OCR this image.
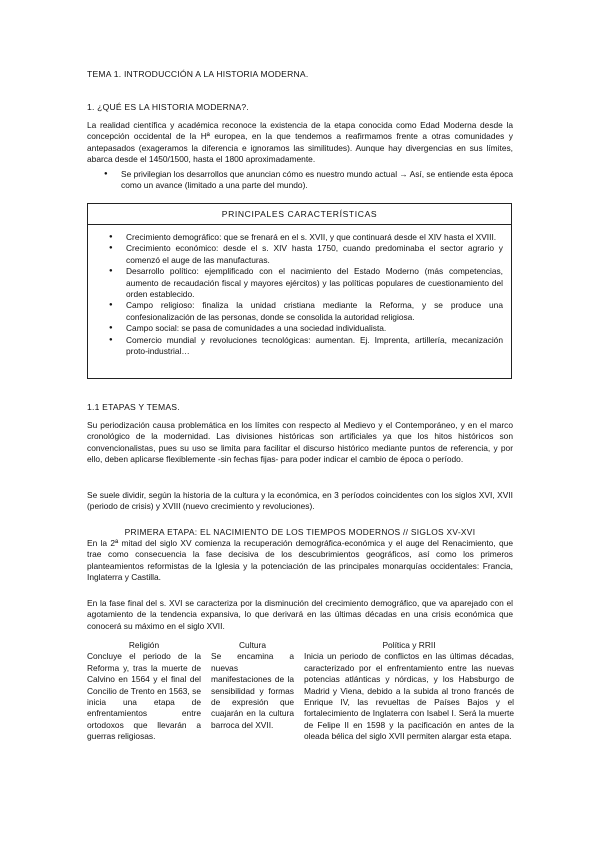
TEMA 1. INTRODUCCIÓN A LA HISTORIA MODERNA.
1. ¿QUÉ ES LA HISTORIA MODERNA?.

La realidad científica y académica reconoce la existencia de la etapa conocida como Edad Moderna desde la concepción occidental de la Hª europea, en la que tendemos a reafirmamos frente a otras comunidades y antepasados (exageramos la diferencia e ignoramos las similitudes). Aunque hay divergencias en sus límites, abarca desde el 1450/1500, hasta el 1800 aproximadamente.

● Se privilegian los desarrollos que anuncian cómo es nuestro mundo actual → Así, se entiende esta época como un avance (limitado a una parte del mundo).
PRINCIPALES CARACTERÍSTICAS
● Crecimiento demográfico: que se frenará en el s. XVII, y que continuará desde el XIV hasta el XVIII.
● Crecimiento económico: desde el s. XIV hasta 1750, cuando predominaba el sector agrario y comenzó el auge de las manufacturas.
● Desarrollo político: ejemplificado con el nacimiento del Estado Moderno (más competencias, aumento de recaudación fiscal y mayores ejércitos) y las políticas populares de cuestionamiento del orden establecido.
● Campo religioso: finaliza la unidad cristiana mediante la Reforma, y se produce una confesionalización de las personas, donde se consolida la autoridad religiosa.
● Campo social: se pasa de comunidades a una sociedad individualista.
● Comercio mundial y revoluciones tecnológicas: aumentan. Ej. Imprenta, artillería, mecanización proto-industrial…
1.1 ETAPAS Y TEMAS.

Su periodización causa problemática en los límites con respecto al Medievo y el Contemporáneo, y en el marco cronológico de la modernidad. Las divisiones históricas son artificiales ya que los hitos históricos son convencionalistas, pues su uso se limita para facilitar el discurso histórico mediante puntos de referencia, y por ello, deben aplicarse flexiblemente -sin fechas fijas- para poder indicar el cambio de época o período.

Se suele dividir, según la historia de la cultura y la económica, en 3 períodos coincidentes con los siglos XVI, XVII (periodo de crisis) y XVIII (nuevo crecimiento y revoluciones).

PRIMERA ETAPA: EL NACIMIENTO DE LOS TIEMPOS MODERNOS // SIGLOS XV-XVI

En la 2ª mitad del siglo XV comienza la recuperación demográfica-económica y el auge del Renacimiento, que trae como consecuencia la fase decisiva de los descubrimientos geográficos, así como los primeros planteamientos reformistas de la Iglesia y la potenciación de las principales monarquías occidentales: Francia, Inglaterra y Castilla.

En la fase final del s. XVI se caracteriza por la disminución del crecimiento demográfico, que va aparejado con el agotamiento de la tendencia expansiva, lo que derivará en las últimas décadas en una crisis económica que conocerá su máximo en el siglo XVII.

Religión

Concluye el periodo de la Reforma y, tras la muerte de Calvino en 1564 y el final del Concilio de Trento en 1563, se inicia una etapa de enfrentamientos entre ortodoxos que llevarán a guerras religiosas.

Cultura

Se encamina a nuevas manifestaciones de la sensibilidad y formas de expresión que cuajarán en la cultura barroca del XVII.

Política y RRII

Inicia un periodo de conflictos en las últimas décadas, caracterizado por el enfrentamiento entre las nuevas potencias atlánticas y nórdicas, y los Habsburgo de Madrid y Viena, debido a la subida al trono francés de Enrique IV, las revueltas de Países Bajos y el fortalecimiento de Inglaterra con Isabel I. Será la muerte de Felipe II en 1598 y la pacificación en antes de la oleada bélica del siglo XVII permiten alargar esta etapa.
